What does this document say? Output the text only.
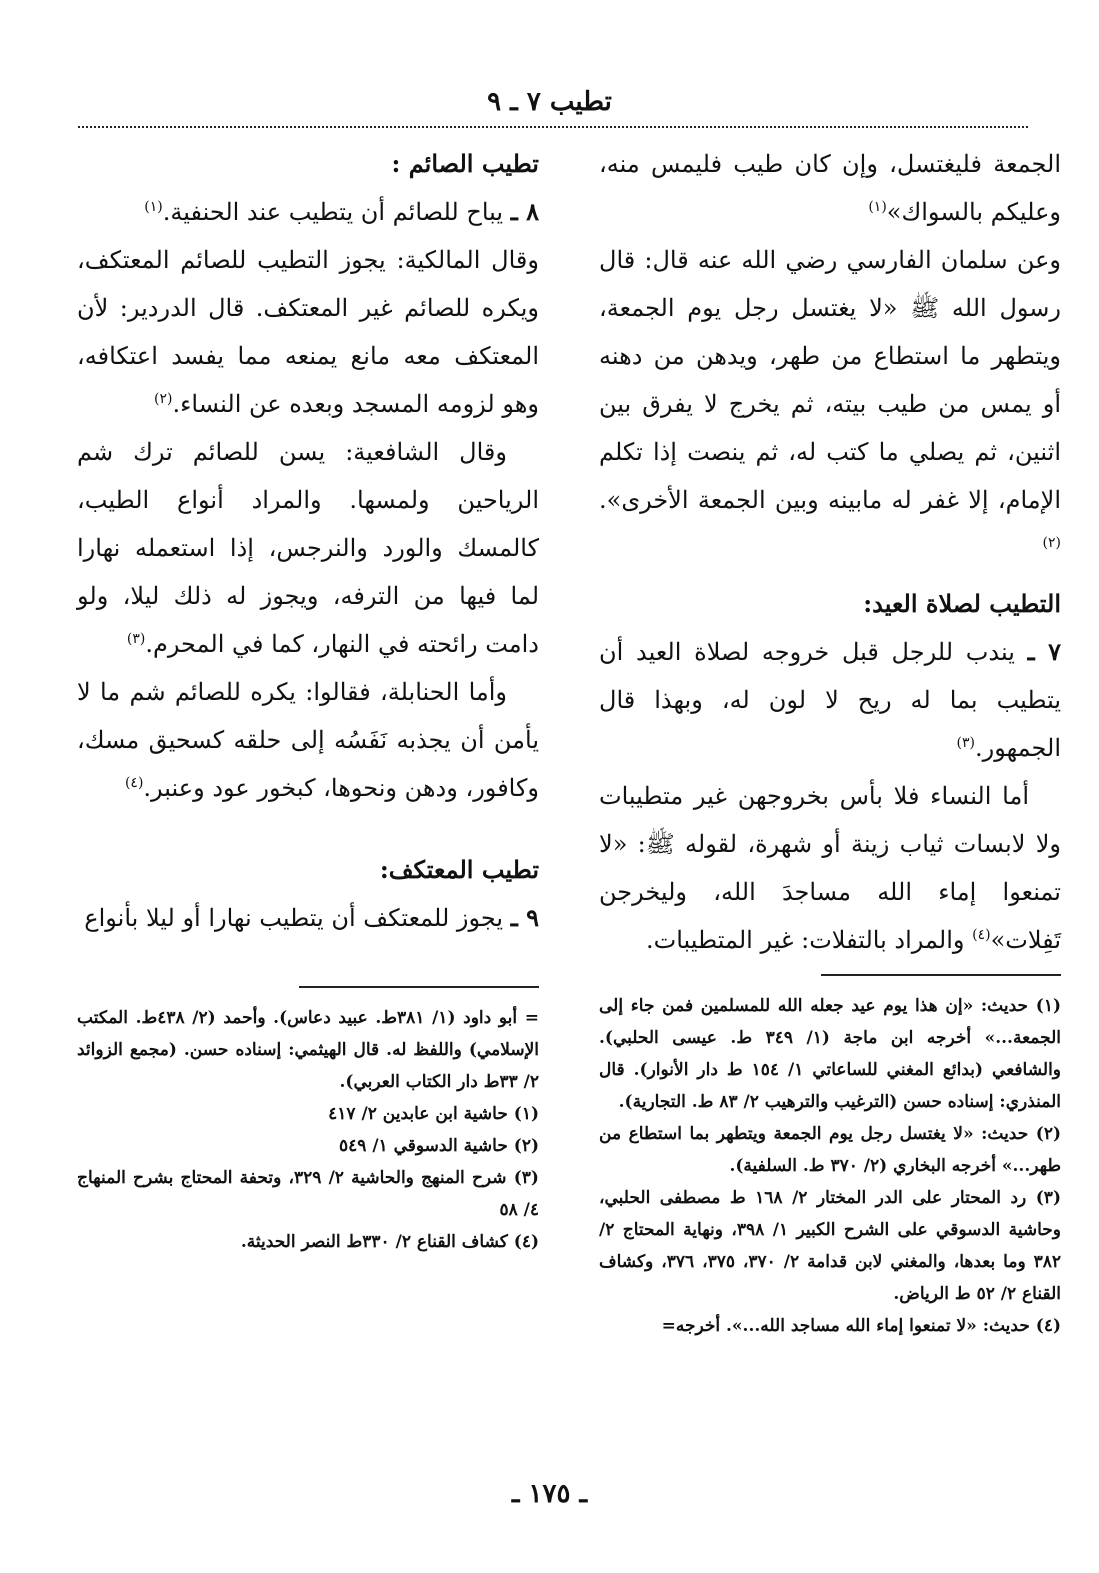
تطيب ٧ ـ ٩

الجمعة فليغتسل، وإن كان طيب فليمس منه، وعليكم بالسواك»$^{(١)}$

وعن سلمان الفارسي رضي الله عنه قال: قال رسول الله ﷺ «لا يغتسل رجل يوم الجمعة، ويتطهر ما استطاع من طهر، ويدهن من دهنه أو يمس من طيب بيته، ثم يخرج لا يفرق بين اثنين، ثم يصلي ما كتب له، ثم ينصت إذا تكلم الإمام، إلا غفر له مابينه وبين الجمعة الأخرى».$^{(٢)}$

التطيب لصلاة العيد:

٧ ـ يندب للرجل قبل خروجه لصلاة العيد أن يتطيب بما له ريح لا لون له، وبهذا قال الجمهور.$^{(٣)}$

أما النساء فلا بأس بخروجهن غير متطيبات ولا لابسات ثياب زينة أو شهرة، لقوله ﷺ: «لا تمنعوا إماء الله مساجدَ الله، وليخرجن تَفِلات»$^{(٤)}$ والمراد بالتفلات: غير المتطيبات.

(١) حديث: «إن هذا يوم عيد جعله الله للمسلمين فمن جاء إلى الجمعة...» أخرجه ابن ماجة (١/ ٣٤٩ ط. عيسى الحلبي). والشافعي (بدائع المغني للساعاتي ١/ ١٥٤ ط دار الأنوار). قال المنذري: إسناده حسن (الترغيب والترهيب ٢/ ٨٣ ط. التجارية).

(٢) حديث: «لا يغتسل رجل يوم الجمعة ويتطهر بما استطاع من طهر...» أخرجه البخاري (٢/ ٣٧٠ ط. السلفية).

(٣) رد المحتار على الدر المختار ٢/ ١٦٨ ط مصطفى الحلبي، وحاشية الدسوقي على الشرح الكبير ١/ ٣٩٨، ونهاية المحتاج ٢/ ٣٨٢ وما بعدها، والمغني لابن قدامة ٢/ ٣٧٠، ٣٧٥، ٣٧٦، وكشاف القناع ٢/ ٥٢ ط الرياض.

(٤) حديث: «لا تمنعوا إماء الله مساجد الله...». أخرجه=

تطيب الصائم :

٨ ـ يباح للصائم أن يتطيب عند الحنفية.$^{(١)}$

وقال المالكية: يجوز التطيب للصائم المعتكف، ويكره للصائم غير المعتكف. قال الدردير: لأن المعتكف معه مانع يمنعه مما يفسد اعتكافه، وهو لزومه المسجد وبعده عن النساء.$^{(٢)}$

وقال الشافعية: يسن للصائم ترك شم الرياحين ولمسها. والمراد أنواع الطيب، كالمسك والورد والنرجس، إذا استعمله نهارا لما فيها من الترفه، ويجوز له ذلك ليلا، ولو دامت رائحته في النهار، كما في المحرم.$^{(٣)}$

وأما الحنابلة، فقالوا: يكره للصائم شم ما لا يأمن أن يجذبه نَفَسُه إلى حلقه كسحيق مسك، وكافور، ودهن ونحوها، كبخور عود وعنبر.$^{(٤)}$

تطيب المعتكف:

٩ ـ يجوز للمعتكف أن يتطيب نهارا أو ليلا بأنواع

= أبو داود (١/ ٣٨١ط. عبيد دعاس). وأحمد (٢/ ٤٣٨ط. المكتب الإسلامي) واللفظ له. قال الهيثمي: إسناده حسن. (مجمع الزوائد ٢/ ٣٣ط دار الكتاب العربي).

(١) حاشية ابن عابدين ٢/ ٤١٧

(٢) حاشية الدسوقي ١/ ٥٤٩

(٣) شرح المنهج والحاشية ٢/ ٣٢٩، وتحفة المحتاج بشرح المنهاج ٤/ ٥٨

(٤) كشاف القناع ٢/ ٣٣٠ط النصر الحديثة.

ـ ١٧٥ ـ
